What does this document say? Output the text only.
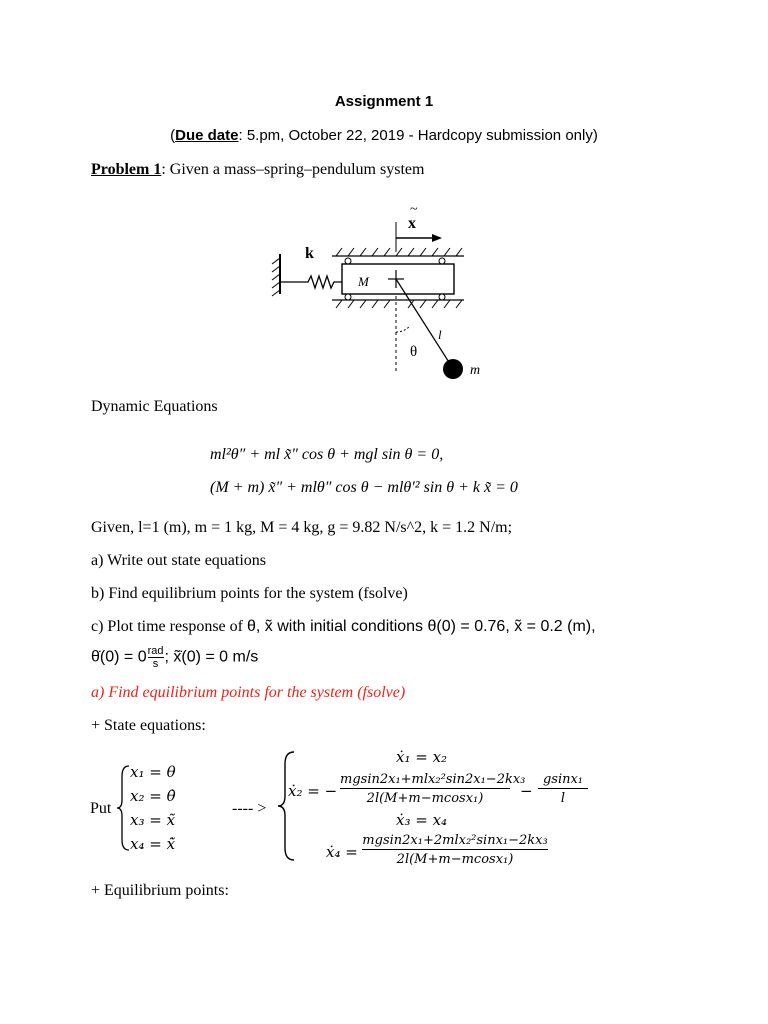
Assignment 1
(Due date: 5.pm, October 22, 2019 - Hardcopy submission only)
Problem 1: Given a mass–spring–pendulum system
k
~
x
M
l
θ
m
Dynamic Equations
ml²θ″ + ml x̃″ cos θ + mgl sin θ = 0,
(M + m) x̃″ + mlθ″ cos θ − mlθ′² sin θ + k x̃ = 0
Given, l=1 (m), m = 1 kg, M = 4 kg, g = 9.82 N/s^2, k = 1.2 N/m;
a) Write out state equations
b) Find equilibrium points for the system (fsolve)
c) Plot time response of θ, x̃ with initial conditions θ(0) = 0.76, x̃ = 0.2 (m),
θ̇(0) = 0 rad
s ; x̃̇(0) = 0 m/s
a) Find equilibrium points for the system (fsolve)
+ State equations:
Put
x₁ = θ
x₂ = θ̇
x₃ = x̃
x₄ = x̃̇
---- >
ẋ₁ = x₂
ẋ₂ = −
mgsin2x₁+mlx₂²sin2x₁−2kx₃
2l(M+m−mcosx₁)	−
gsinx₁
l
ẋ₃ = x₄
ẋ₄ =
mgsin2x₁+2mlx₂²sinx₁−2kx₃
2l(M+m−mcosx₁)
+ Equilibrium points:
